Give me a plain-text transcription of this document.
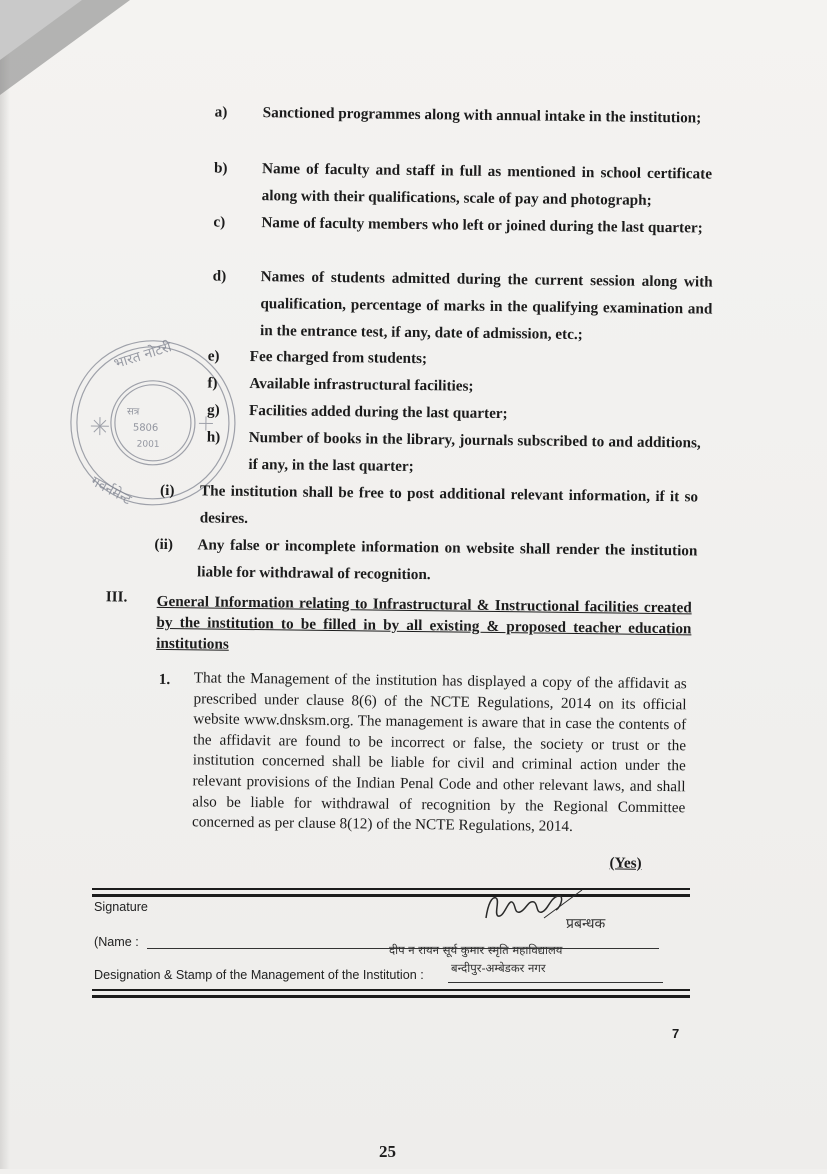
सत्र
5806
2001
भारत नोटरी
गवर्नमेन्ट
a) Sanctioned programmes along with annual intake in the institution;
b) Name of faculty and staff in full as mentioned in school certificate along with their qualifications, scale of pay and photograph;
c) Name of faculty members who left or joined during the last quarter;
d) Names of students admitted during the current session along with qualification, percentage of marks in the qualifying examination and in the entrance test, if any, date of admission, etc.;
e) Fee charged from students;
f) Available infrastructural facilities;
g) Facilities added during the last quarter;
h) Number of books in the library, journals subscribed to and additions, if any, in the last quarter;
(i) The institution shall be free to post additional relevant information, if it so desires.
(ii) Any false or incomplete information on website shall render the institution liable for withdrawal of recognition.
III. General Information relating to Infrastructural & Instructional facilities created by the institution to be filled in by all existing & proposed teacher education institutions
1. That the Management of the institution has displayed a copy of the affidavit as prescribed under clause 8(6) of the NCTE Regulations, 2014 on its official website www.dnsksm.org. The management is aware that in case the contents of the affidavit are found to be incorrect or false, the society or trust or the institution concerned shall be liable for civil and criminal action under the relevant provisions of the Indian Penal Code and other relevant laws, and shall also be liable for withdrawal of recognition by the Regional Committee concerned as per clause 8(12) of the NCTE Regulations, 2014.
(Yes)
Signature
(Name :
प्रबन्धक
दीप न रायन सूर्य कुमार स्मृति महाविद्यालय
बन्दीपुर-अम्बेडकर नगर
Designation & Stamp of the Management of the Institution :
7
25
